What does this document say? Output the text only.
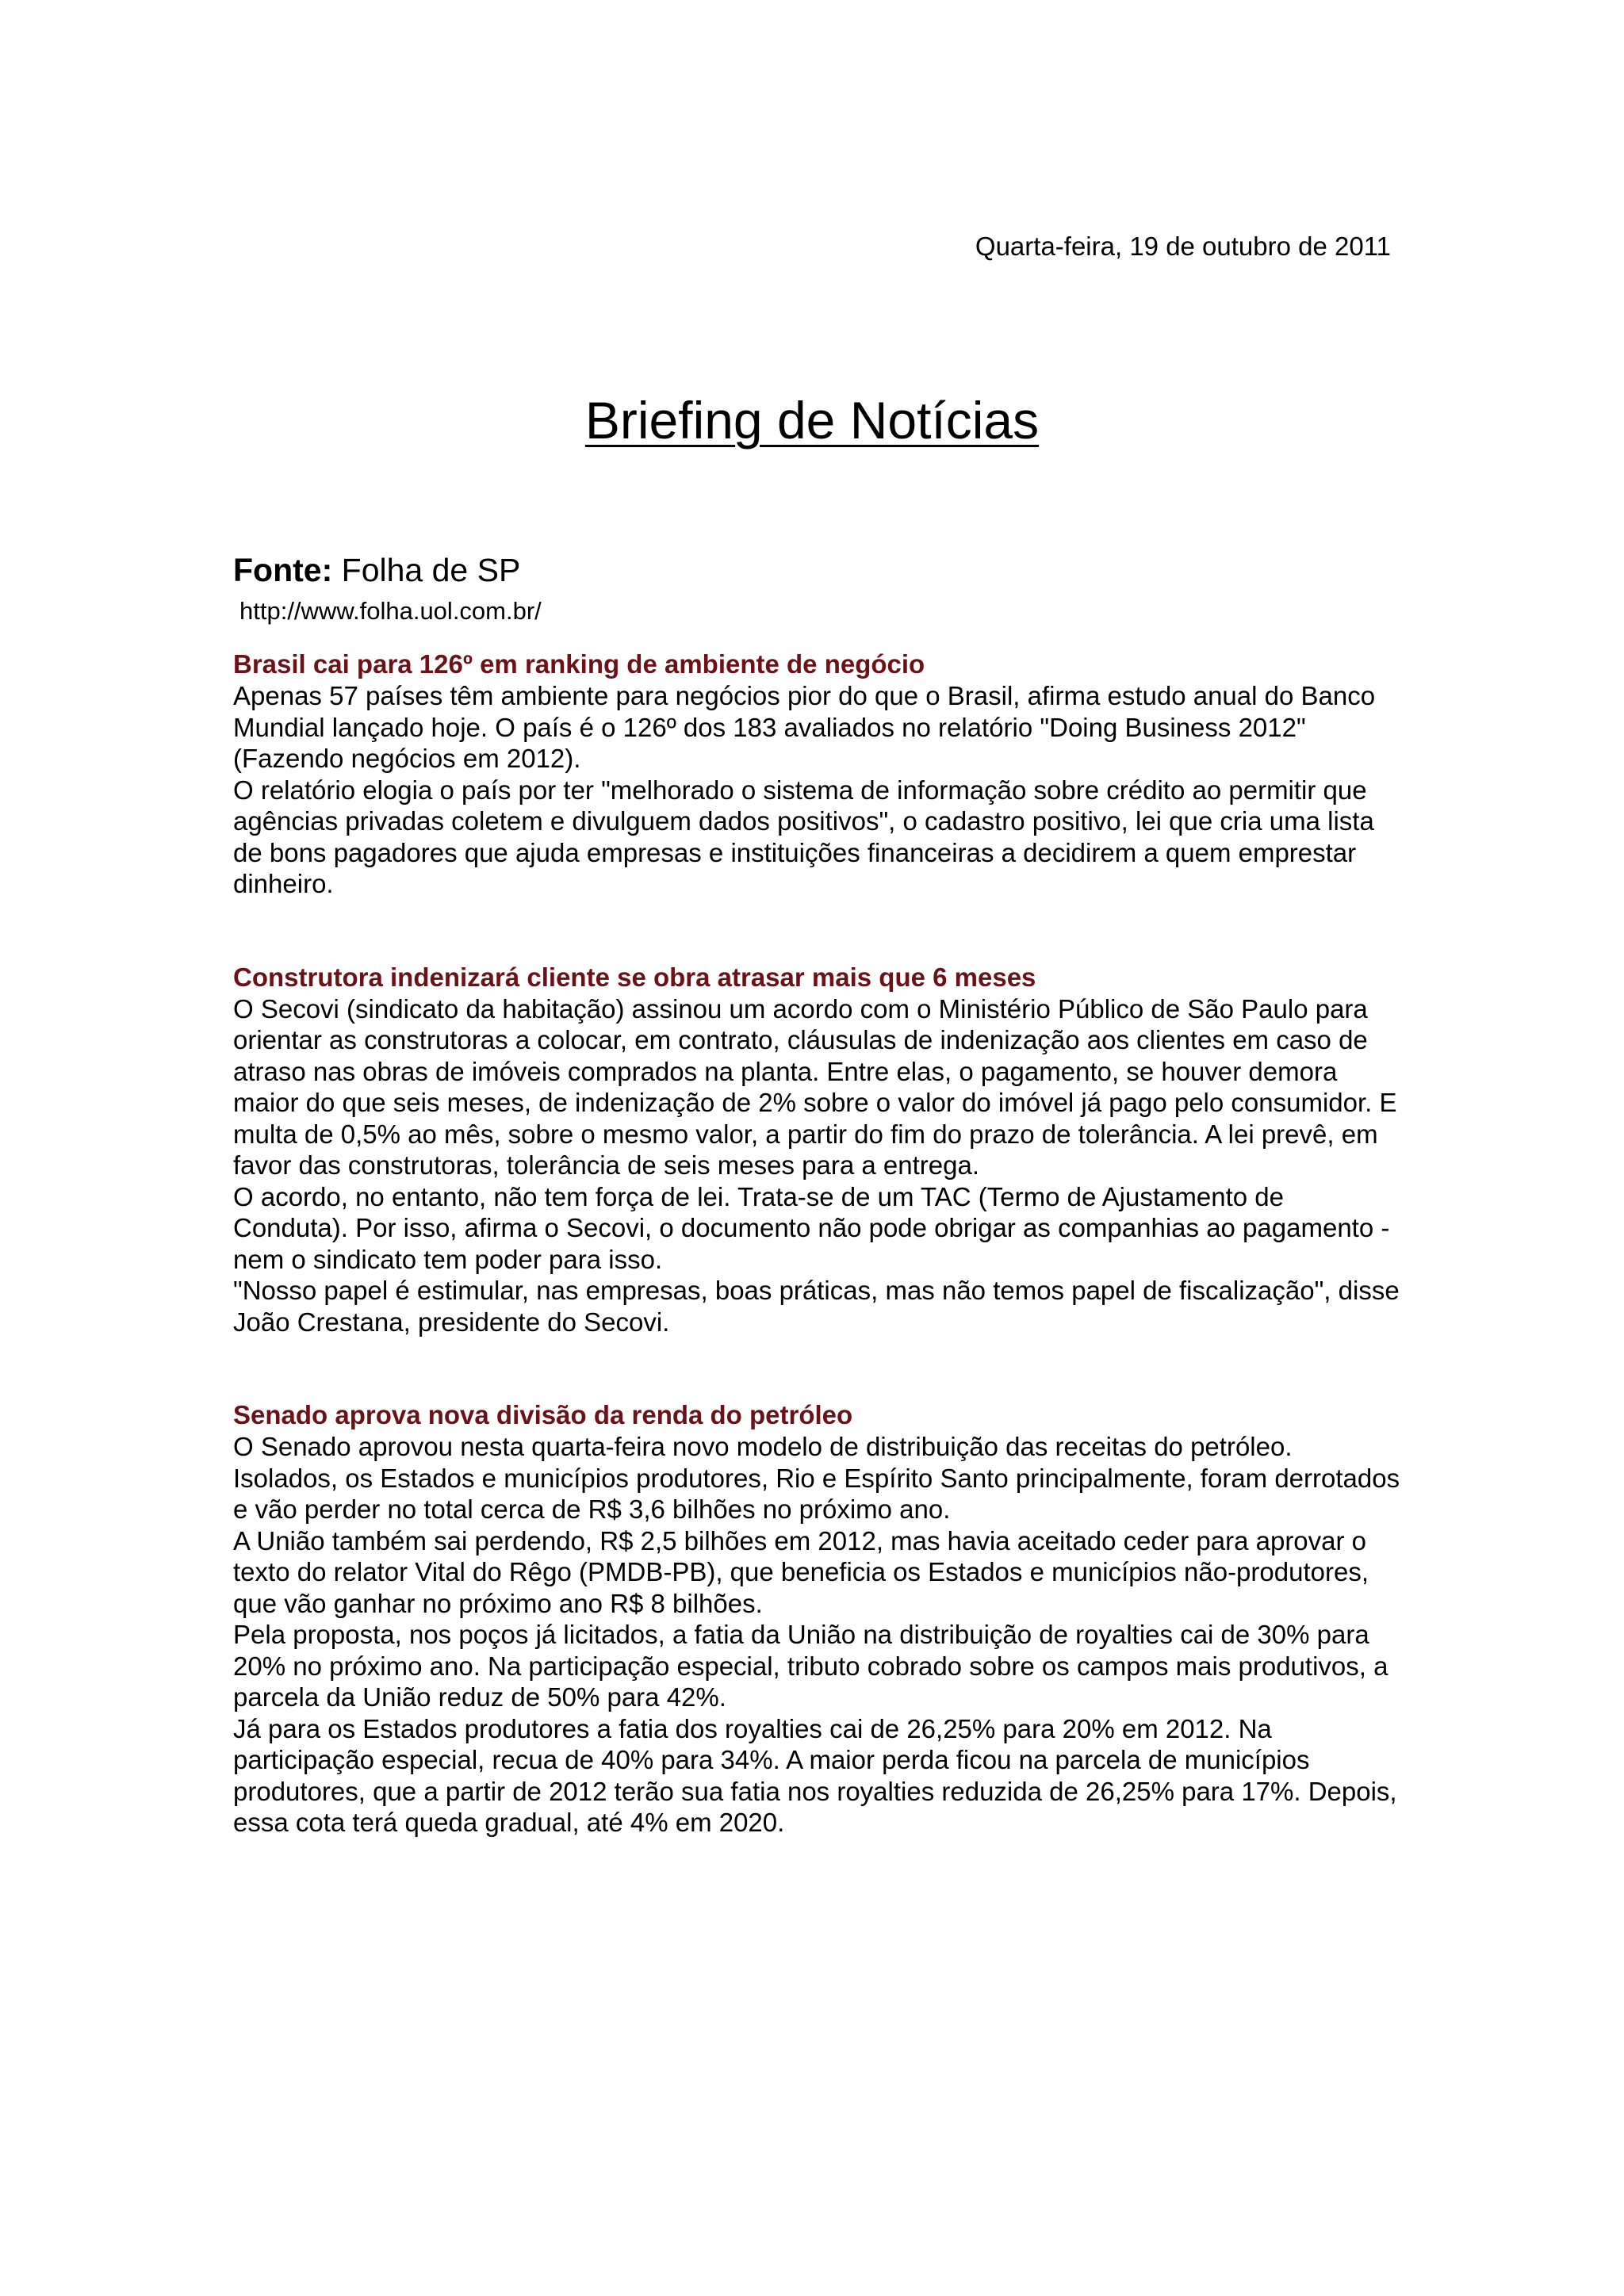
Quarta-feira, 19 de outubro de 2011

Briefing de Notícias

Fonte: Folha de SP

http://www.folha.uol.com.br/

Brasil cai para 126º em ranking de ambiente de negócio

Apenas 57 países têm ambiente para negócios pior do que o Brasil, afirma estudo anual do Banco Mundial lançado hoje. O país é o 126º dos 183 avaliados no relatório "Doing Business 2012" (Fazendo negócios em 2012).

O relatório elogia o país por ter "melhorado o sistema de informação sobre crédito ao permitir que agências privadas coletem e divulguem dados positivos", o cadastro positivo, lei que cria uma lista de bons pagadores que ajuda empresas e instituições financeiras a decidirem a quem emprestar dinheiro.

Construtora indenizará cliente se obra atrasar mais que 6 meses

O Secovi (sindicato da habitação) assinou um acordo com o Ministério Público de São Paulo para orientar as construtoras a colocar, em contrato, cláusulas de indenização aos clientes em caso de atraso nas obras de imóveis comprados na planta. Entre elas, o pagamento, se houver demora maior do que seis meses, de indenização de 2% sobre o valor do imóvel já pago pelo consumidor. E multa de 0,5% ao mês, sobre o mesmo valor, a partir do fim do prazo de tolerância. A lei prevê, em favor das construtoras, tolerância de seis meses para a entrega.

O acordo, no entanto, não tem força de lei. Trata-se de um TAC (Termo de Ajustamento de Conduta). Por isso, afirma o Secovi, o documento não pode obrigar as companhias ao pagamento -nem o sindicato tem poder para isso.

"Nosso papel é estimular, nas empresas, boas práticas, mas não temos papel de fiscalização", disse João Crestana, presidente do Secovi.

Senado aprova nova divisão da renda do petróleo

O Senado aprovou nesta quarta-feira novo modelo de distribuição das receitas do petróleo. Isolados, os Estados e municípios produtores, Rio e Espírito Santo principalmente, foram derrotados e vão perder no total cerca de R$ 3,6 bilhões no próximo ano.

A União também sai perdendo, R$ 2,5 bilhões em 2012, mas havia aceitado ceder para aprovar o texto do relator Vital do Rêgo (PMDB-PB), que beneficia os Estados e municípios não-produtores, que vão ganhar no próximo ano R$ 8 bilhões.

Pela proposta, nos poços já licitados, a fatia da União na distribuição de royalties cai de 30% para 20% no próximo ano. Na participação especial, tributo cobrado sobre os campos mais produtivos, a parcela da União reduz de 50% para 42%.

Já para os Estados produtores a fatia dos royalties cai de 26,25% para 20% em 2012. Na participação especial, recua de 40% para 34%. A maior perda ficou na parcela de municípios produtores, que a partir de 2012 terão sua fatia nos royalties reduzida de 26,25% para 17%. Depois, essa cota terá queda gradual, até 4% em 2020.
